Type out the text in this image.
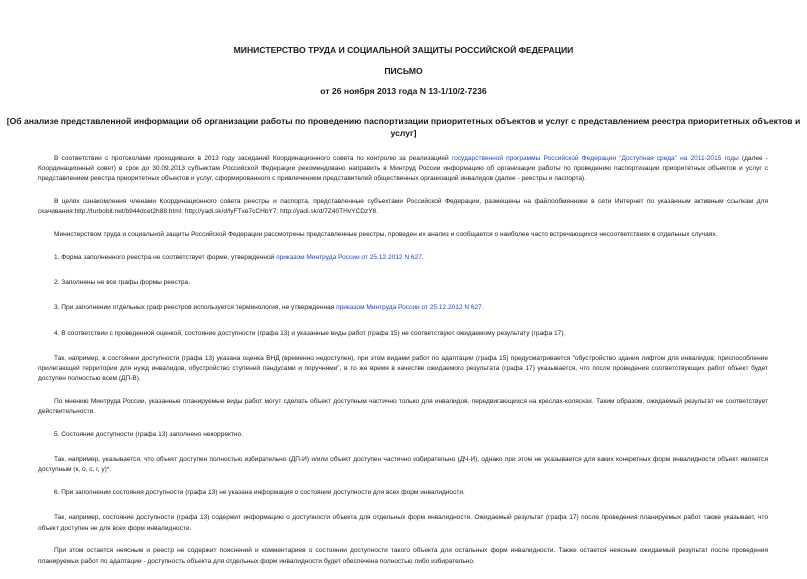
МИНИСТЕРСТВО ТРУДА И СОЦИАЛЬНОЙ ЗАЩИТЫ РОССИЙСКОЙ ФЕДЕРАЦИИ
ПИСЬМО
от 26 ноября 2013 года N 13-1/10/2-7236
[Об анализе представленной информации об организации работы по проведению паспортизации приоритетных объектов и услуг с представлением реестра приоритетных объектов и услуг]

В соответствии с протоколами проходивших в 2013 году заседаний Координационного совета по контролю за реализацией государственной программы Российской Федерации "Доступная среда" на 2011-2015 годы (далее - Координационный совет) в срок до 30.09.2013 субъектам Российской Федерации рекомендовано направить в Минтруд России информацию об организации работы по проведению паспортизации приоритетных объектов и услуг с представлением реестра приоритетных объектов и услуг, сформированного с привлечением представителей общественных организаций инвалидов (далее - реестры и паспорта).

В целях ознакомления членами Координационного совета реестры и паспорта, представленные субъектами Российской Федерации, размещены на файлообменнике в сети Интернет по указанным активным ссылкам для скачивания:http://turbobit.net/b944dcet2h88.html; http://yadi.sk/d/lyFTxe7cCHbY7; http://yadi.sk/d/7Z40THvYCDzY8.

Министерством труда и социальной защиты Российской Федерации рассмотрены представленные реестры, проведен их анализ и сообщается о наиболее часто встречающихся несоответствиях в отдельных случаях.

1. Форма заполненного реестра не соответствует форме, утвержденной приказом Минтруда России от 25.12.2012 N 627.

2. Заполнены не все графы формы реестра.

3. При заполнении отдельных граф реестров используется терминология, не утвержденная приказом Минтруда России от 25.12.2012 N 627.

4. В соответствии с проведенной оценкой, состояние доступности (графа 13) и указанные виды работ (графа 15) не соответствуют ожидаемому результату (графа 17).

Так, например, в состоянии доступности (графа 13) указана оценка ВНД (временно недоступен), при этом видами работ по адаптации (графа 15) предусматривается "обустройство здания лифтом для инвалидов; приспособление прилегающей территории для нужд инвалидов, обустройство ступеней пандусами и поручнями", в то же время в качестве ожидаемого результата (графа 17) указывается, что после проведения соответствующих работ объект будет доступен полностью всем (ДП-В).

По мнению Минтруда России, указанные планируемые виды работ могут сделать объект доступным частично только для инвалидов, передвигающихся на креслах-колясках. Таким образом, ожидаемый результат не соответствует действительности.

5. Состояние доступности (графа 13) заполнено некорректно.

Так, например, указывается, что объект доступен полностью избирательно (ДП-И) и/или объект доступен частично избирательно (ДЧ-И), однако при этом не указывается для каких конкретных форм инвалидности объект является доступным (к, о, с, г, у)*.

6. При заполнении состояния доступности (графа 13) не указана информация о состоянии доступности для всех форм инвалидности.

Так, например, состояние доступности (графа 13) содержит информацию о доступности объекта для отдельных форм инвалидности. Ожидаемый результат (графа 17) после проведения планируемых работ также указывает, что объект доступен не для всех форм инвалидности.

При этом остается неясным и реестр не содержит пояснений и комментариев о состоянии доступности такого объекта для остальных форм инвалидности. Также остается неясным ожидаемый результат после проведения планируемых работ по адаптации - доступность объекта для отдельных форм инвалидности будет обеспечена полностью либо избирательно.
